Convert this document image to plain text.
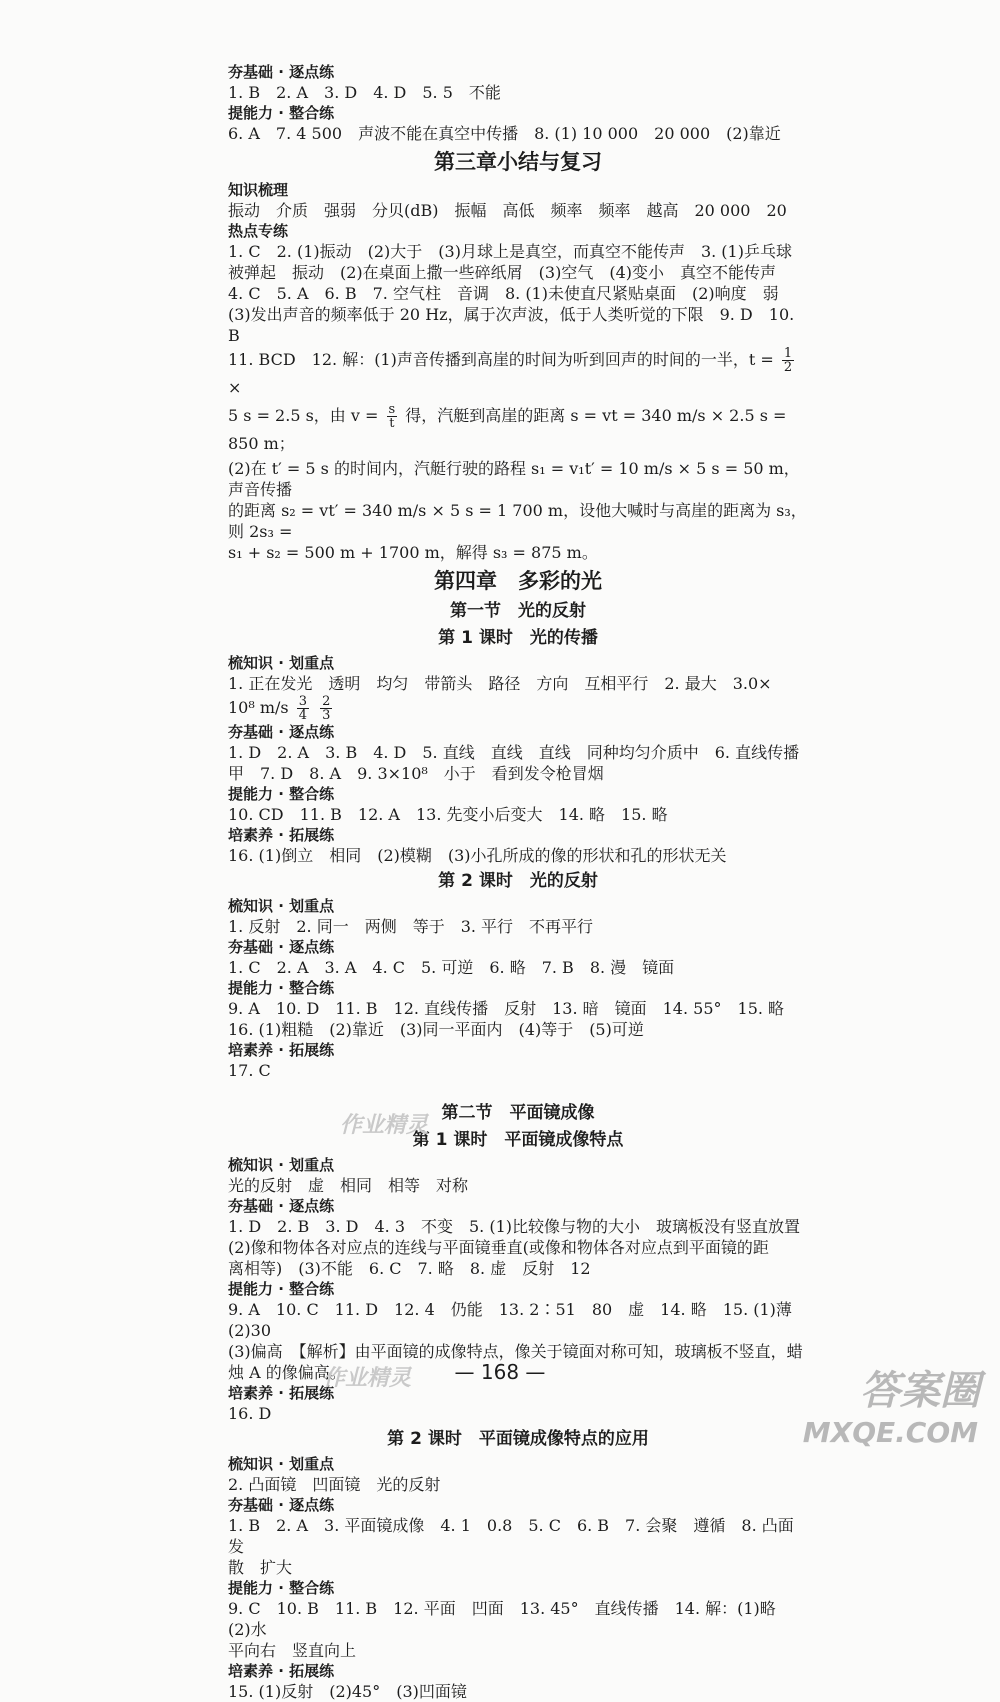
夯基础 · 逐点练
1. B　2. A　3. D　4. D　5. 5　不能
提能力 · 整合练
6. A　7. 4 500　声波不能在真空中传播　8. (1) 10 000　20 000　(2)靠近
第三章小结与复习
知识梳理
振动　介质　强弱　分贝(dB)　振幅　高低　频率　频率　越高　20 000　20
热点专练
1. C　2. (1)振动　(2)大于　(3)月球上是真空，而真空不能传声　3. (1)乒乓球
被弹起　振动　(2)在桌面上撒一些碎纸屑　(3)空气　(4)变小　真空不能传声
4. C　5. A　6. B　7. 空气柱　音调　8. (1)未使直尺紧贴桌面　(2)响度　弱
(3)发出声音的频率低于 20 Hz，属于次声波，低于人类听觉的下限　9. D　10. B
11. BCD　12. 解：(1)声音传播到高崖的时间为听到回声的时间的一半，$t = \frac{1}{2}$
×
5 s = 2.5 s，由 $v = \frac{s}{t}$ 得，汽艇到高崖的距离 s = vt = 340 m/s × 2.5 s = 850 m；
(2)在 t′ = 5 s 的时间内，汽艇行驶的路程 s₁ = v₁t′ = 10 m/s × 5 s = 50 m，声音传播
的距离 s₂ = vt′ = 340 m/s × 5 s = 1 700 m，设他大喊时与高崖的距离为 s₃，则 2s₃ =
s₁ + s₂ = 500 m + 1700 m，解得 s₃ = 875 m。
第四章　多彩的光
第一节　光的反射
第 1 课时　光的传播
梳知识 · 划重点
1. 正在发光　透明　均匀　带箭头　路径　方向　互相平行　2. 最大　3.0×
10⁸ $m/s \frac{3}{4}$
$\frac{2}{3}$
夯基础 · 逐点练
1. D　2. A　3. B　4. D　5. 直线　直线　直线　同种均匀介质中　6. 直线传播
甲　7. D　8. A　9. 3×10⁸　小于　看到发令枪冒烟
提能力 · 整合练
10. CD　11. B　12. A　13. 先变小后变大　14. 略　15. 略
培素养 · 拓展练
16. (1)倒立　相同　(2)模糊　(3)小孔所成的像的形状和孔的形状无关
第 2 课时　光的反射
梳知识 · 划重点
1. 反射　2. 同一　两侧　等于　3. 平行　不再平行
夯基础 · 逐点练
1. C　2. A　3. A　4. C　5. 可逆　6. 略　7. B　8. 漫　镜面
提能力 · 整合练
9. A　10. D　11. B　12. 直线传播　反射　13. 暗　镜面　14. 55°　15. 略
16. (1)粗糙　(2)靠近　(3)同一平面内　(4)等于　(5)可逆
培素养 · 拓展练
17. C
第二节　平面镜成像
第 1 课时　平面镜成像特点
梳知识 · 划重点
光的反射　虚　相同　相等　对称
夯基础 · 逐点练
1. D　2. B　3. D　4. 3　不变　5. (1)比较像与物的大小　玻璃板没有竖直放置
(2)像和物体各对应点的连线与平面镜垂直(或像和物体各对应点到平面镜的距
离相等)　(3)不能　6. C　7. 略　8. 虚　反射　12
提能力 · 整合练
9. A　10. C　11. D　12. 4　仍能　13. 2∶51　80　虚　14. 略　15. (1)薄　(2)30
(3)偏高　【解析】由平面镜的成像特点，像关于镜面对称可知，玻璃板不竖直，蜡
烛 A 的像偏高。
培素养 · 拓展练
16. D
第 2 课时　平面镜成像特点的应用
梳知识 · 划重点
2. 凸面镜　凹面镜　光的反射
夯基础 · 逐点练
1. B　2. A　3. 平面镜成像　4. 1　0.8　5. C　6. B　7. 会聚　遵循　8. 凸面　发
散　扩大
提能力 · 整合练
9. C　10. B　11. B　12. 平面　凹面　13. 45°　直线传播　14. 解：(1)略　(2)水
平向右　竖直向上
培素养 · 拓展练
15. (1)反射　(2)45°　(3)凹面镜
— 168 —
作业精灵
作业精灵	答案圈
MXQE.COM
